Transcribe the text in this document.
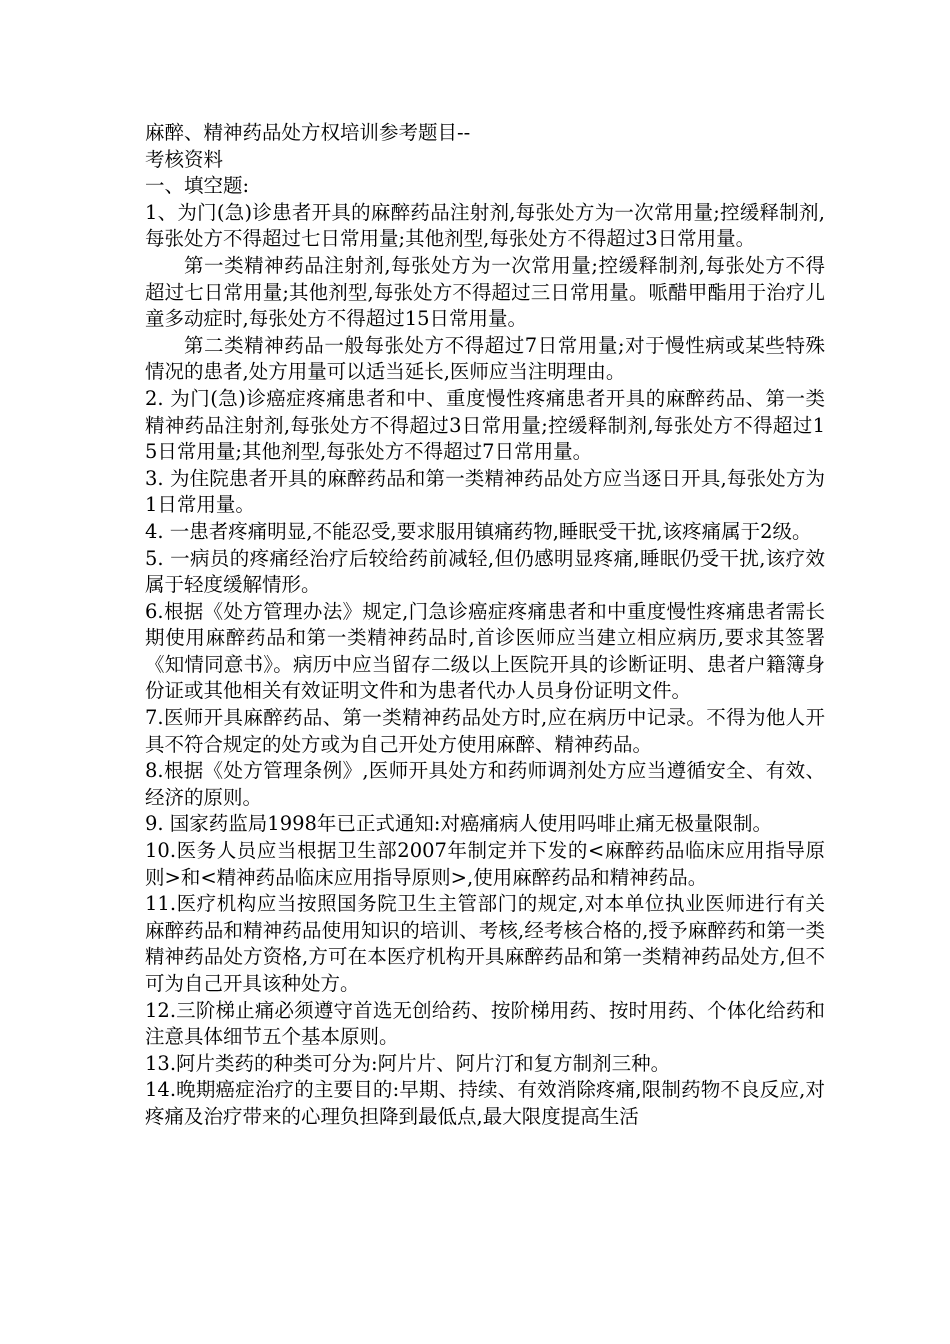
麻醉、精神药品处方权培训参考题目--

考核资料

一、填空题:

1、为门(急)诊患者开具的麻醉药品注射剂,每张处方为一次常用量;控缓释制剂,每张处方不得超过七日常用量;其他剂型,每张处方不得超过3日常用量。

第一类精神药品注射剂,每张处方为一次常用量;控缓释制剂,每张处方不得超过七日常用量;其他剂型,每张处方不得超过三日常用量。哌醋甲酯用于治疗儿童多动症时,每张处方不得超过15日常用量。

第二类精神药品一般每张处方不得超过7日常用量;对于慢性病或某些特殊情况的患者,处方用量可以适当延长,医师应当注明理由。

2. 为门(急)诊癌症疼痛患者和中、重度慢性疼痛患者开具的麻醉药品、第一类精神药品注射剂,每张处方不得超过3日常用量;控缓释制剂,每张处方不得超过15日常用量;其他剂型,每张处方不得超过7日常用量。

3. 为住院患者开具的麻醉药品和第一类精神药品处方应当逐日开具,每张处方为1日常用量。

4. 一患者疼痛明显,不能忍受,要求服用镇痛药物,睡眠受干扰,该疼痛属于2级。

5. 一病员的疼痛经治疗后较给药前减轻,但仍感明显疼痛,睡眠仍受干扰,该疗效属于轻度缓解情形。

6.根据《处方管理办法》规定,门急诊癌症疼痛患者和中重度慢性疼痛患者需长期使用麻醉药品和第一类精神药品时,首诊医师应当建立相应病历,要求其签署《知情同意书》。病历中应当留存二级以上医院开具的诊断证明、患者户籍簿身份证或其他相关有效证明文件和为患者代办人员身份证明文件。

7.医师开具麻醉药品、第一类精神药品处方时,应在病历中记录。不得为他人开具不符合规定的处方或为自己开处方使用麻醉、精神药品。

8.根据《处方管理条例》,医师开具处方和药师调剂处方应当遵循安全、有效、经济的原则。

9. 国家药监局1998年已正式通知:对癌痛病人使用吗啡止痛无极量限制。

10.医务人员应当根据卫生部2007年制定并下发的<麻醉药品临床应用指导原则>和<精神药品临床应用指导原则>,使用麻醉药品和精神药品。

11.医疗机构应当按照国务院卫生主管部门的规定,对本单位执业医师进行有关麻醉药品和精神药品使用知识的培训、考核,经考核合格的,授予麻醉药和第一类精神药品处方资格,方可在本医疗机构开具麻醉药品和第一类精神药品处方,但不可为自己开具该种处方。

12.三阶梯止痛必须遵守首选无创给药、按阶梯用药、按时用药、个体化给药和注意具体细节五个基本原则。

13.阿片类药的种类可分为:阿片片、阿片汀和复方制剂三种。

14.晚期癌症治疗的主要目的:早期、持续、有效消除疼痛,限制药物不良反应,对疼痛及治疗带来的心理负担降到最低点,最大限度提高生活
